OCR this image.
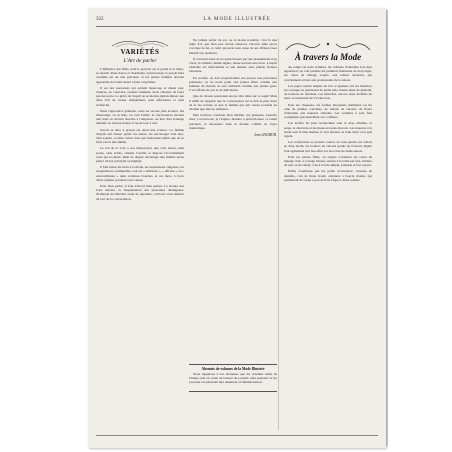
322	LA MODE ILLUSTRÉE
VARIÉTÉS
L'Art de parler

L'influence des filles, dont le pouvoir est si grand et si chère, se nourrit d'une douce et charmante conversation; la parole bien conduite est un don précieux, et les jeunes femmes doivent apprendre de bonne heure à bien s'exprimer.

Il est des personnes qui parlent beaucoup et disent peu; d'autres, au contraire, parlent rarement, mais chacune de leurs paroles porte. La grâce de l'esprit ne se montre jamais mieux que dans l'art de causer simplement, sans affectation et sans recherche.

Dans l'ignorance générale, nous ne savons plus écouter. On interrompt, on se hâte, on veut briller; la conversation devient une lutte où chacun cherche à l'emporter, au lieu d'un échange aimable où chacun donne et reçoit tour à tour.

Savoir se taire à propos est aussi une science. La femme d'esprit sait laisser parler les autres, les encourager d'un mot, d'un sourire, et faire valoir ceux qui l'entourent plutôt que de se faire valoir elle-même.

Le ton de la voix a son importance; une voix douce, bien posée, sans éclats, charme l'oreille et dispose favorablement ceux qui écoutent. Rien ne dépare davantage une femme qu'un parler criard, précipité ou négligé.

Il faut éviter les mots à la mode, les expressions vulgaires, les exagérations continuelles; tout est « délicieux », « affreux » ou « extraordinaire » dans certaines bouches, et ces mots, à force d'être répétés, perdent toute valeur.

Pour bien parler, il faut d'abord bien penser. La lecture des bons auteurs, la fréquentation des personnes distinguées, l'habitude de réfléchir avant de répondre, voilà les vrais maîtres de l'art de la conversation.

Ne jamais parler de soi, ou le moins possible; c'est là une règle d'or que bien peu savent observer. Chacun aime qu'on s'occupe de lui, et celui qui parle sans cesse de ses affaires lasse bientôt son auditoire.

Il convient aussi de ne point blesser par des plaisanteries trop vives; la raillerie, même légère, laisse souvent une trace. L'esprit véritable est bienveillant et sait amuser sans jamais froisser personne.

En société, on doit proportionner ses propos aux personnes présentes; on ne parle point aux jeunes filles comme aux femmes du monde, ni aux vieillards comme aux jeunes gens. C'est affaire de tact et de délicatesse.

Que de choses pourraient encore être dites sur ce sujet! Mais il suffit de rappeler que la conversation est le lien le plus doux de la vie sociale, et que la femme qui sait causer possède un charme que rien ne remplace.

Mes lectrices voudront bien méditer ces quelques conseils; elles y trouveront, je l'espère, matière à perfectionner ce talent précieux, si nécessaire dans le monde comme au foyer domestique.

Jean SAUMUR.
Abonnés de volumes de la Mode Illustrée

Nous rappelons à nos abonnées que les volumes reliés de l'année sont en vente au bureau du journal; elles peuvent se les procurer en adressant leur demande à l'administration.

À travers la Mode

Au temps où nous sommes, les toilettes d'automne font leur apparition; on voit paraître les premiers manteaux de drap léger, les robes de lainage souple, aux teintes adoucies, qui conviennent si bien aux promenades de la saison.

Les jupes restent amples du bas et ajustées sur les hanches; les corsages se garnissent de petits plis, d'entre-deux de dentelle, de boutons de fantaisie. Les manches, encore assez étoffées du haut, se resserrent sur l'avant-bras.

Pour les chapeaux, les formes moyennes dominent; on les orne de plumes couchées, de rubans de velours, de fleurs d'automne aux nuances chaudes. Les voilettes à pois fins complètent gracieusement ces coiffures.

Les étoffes les plus recherchées sont le drap zibeline, la serge, le cheviotte et les tissus écossais discrets. Les nuances à la mode sont le bleu marine, le vert mousse, le brun tabac et le gris argent.

Les confections se portent courtes ou trois-quarts; les collets en drap brodé, les boléros de velours garnis de fourrure légère font également très bon effet sur les robes de demi-saison.

Pour les jeunes filles, on adopte volontiers les robes de lainage clair, à corsage blousé, serrées à la taille par une ceinture de cuir ou de ruban; c'est à la fois simple, pratique et fort seyant.

Enfin, n'oublions pas les petits accessoires: cravates de dentelle, cols de linon brodé, ceintures à boucle ciselée, qui permettent de varier à peu de frais l'aspect d'une toilette.
